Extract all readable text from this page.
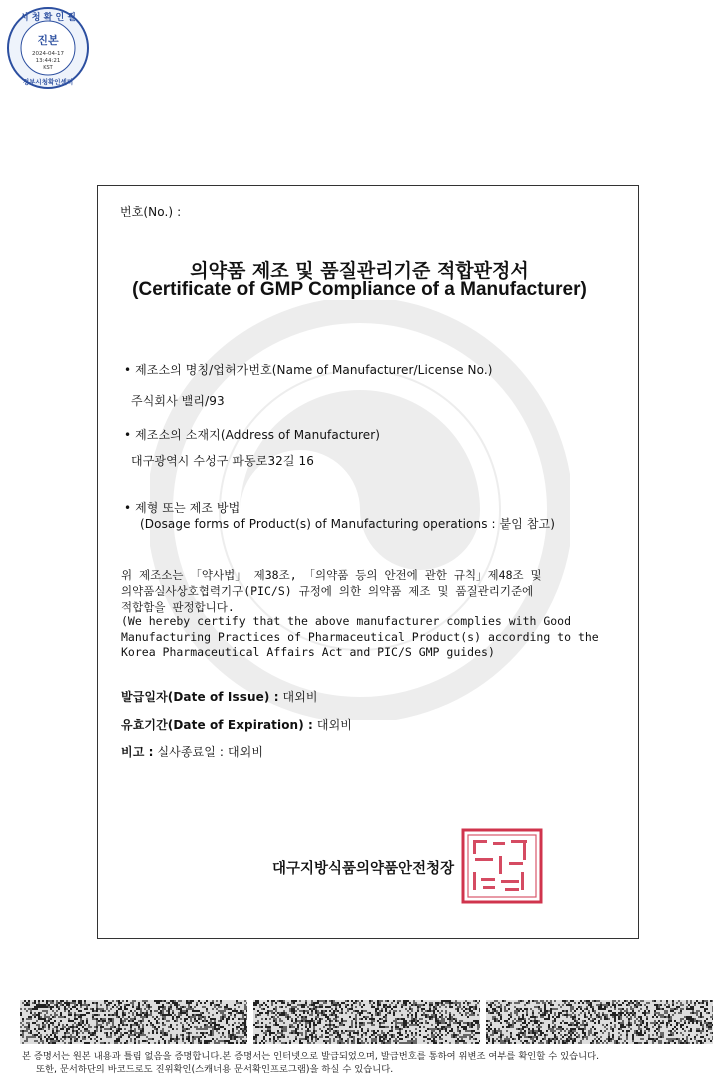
시 청 확 인 필
진본
2024-04-17
13:44:21
KST
정부시청확인센터
번호(No.) :
의약품 제조 및 품질관리기준 적합판정서
(Certificate of GMP Compliance of a Manufacturer)
• 제조소의 명칭/업허가번호(Name of Manufacturer/License No.)
주식회사 밸리/93
• 제조소의 소재지(Address of Manufacturer)
대구광역시 수성구 파동로32길 16
• 제형 또는 제조 방법
(Dosage forms of Product(s) of Manufacturing operations : 붙임 참고)
위 제조소는 「약사법」 제38조, 「의약품 등의 안전에 관한 규칙」제48조 및
의약품실사상호협력기구(PIC/S) 규정에 의한 의약품 제조 및 품질관리기준에
적합함을 판정합니다.
(We hereby certify that the above manufacturer complies with Good
Manufacturing Practices of Pharmaceutical Product(s) according to the
Korea Pharmaceutical Affairs Act and PIC/S GMP guides)
발급일자(Date of Issue) : 대외비
유효기간(Date of Expiration) : 대외비
비고 : 실사종료일 : 대외비
대구지방식품의약품안전청장
본 증명서는 원본 내용과 틀림 없음을 증명합니다.본 증명서는 인터넷으로 발급되었으며, 발급번호를 통하여 위변조 여부를 확인할 수 있습니다.
또한, 문서하단의 바코드로도 진위확인(스캐너용 문서확인프로그램)을 하실 수 있습니다.
